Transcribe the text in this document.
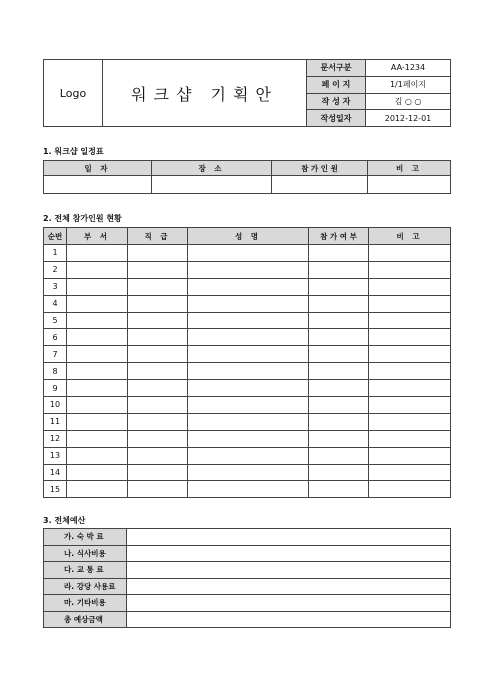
Logo	워크샵 기획안	문서구분	AA-1234
		페 이 지	1/1페이지
		작 성 자	김 ○ ○
		작성일자	2012-12-01
1. 워크샵 일정표
일 자	장 소	참 가 인 원	비 고

2. 전체 참가인원 현황
순번	부 서	직 급	성 명	참 가 여 부	비 고
1					
2					
3					
4					
5					
6					
7					
8					
9					
10					
11					
12					
13					
14					
15					
3. 전체예산
가. 숙 박 료	
나. 식사비용	
다. 교 통 료	
라. 강당 사용료	
마. 기타비용	
총 예상금액	
